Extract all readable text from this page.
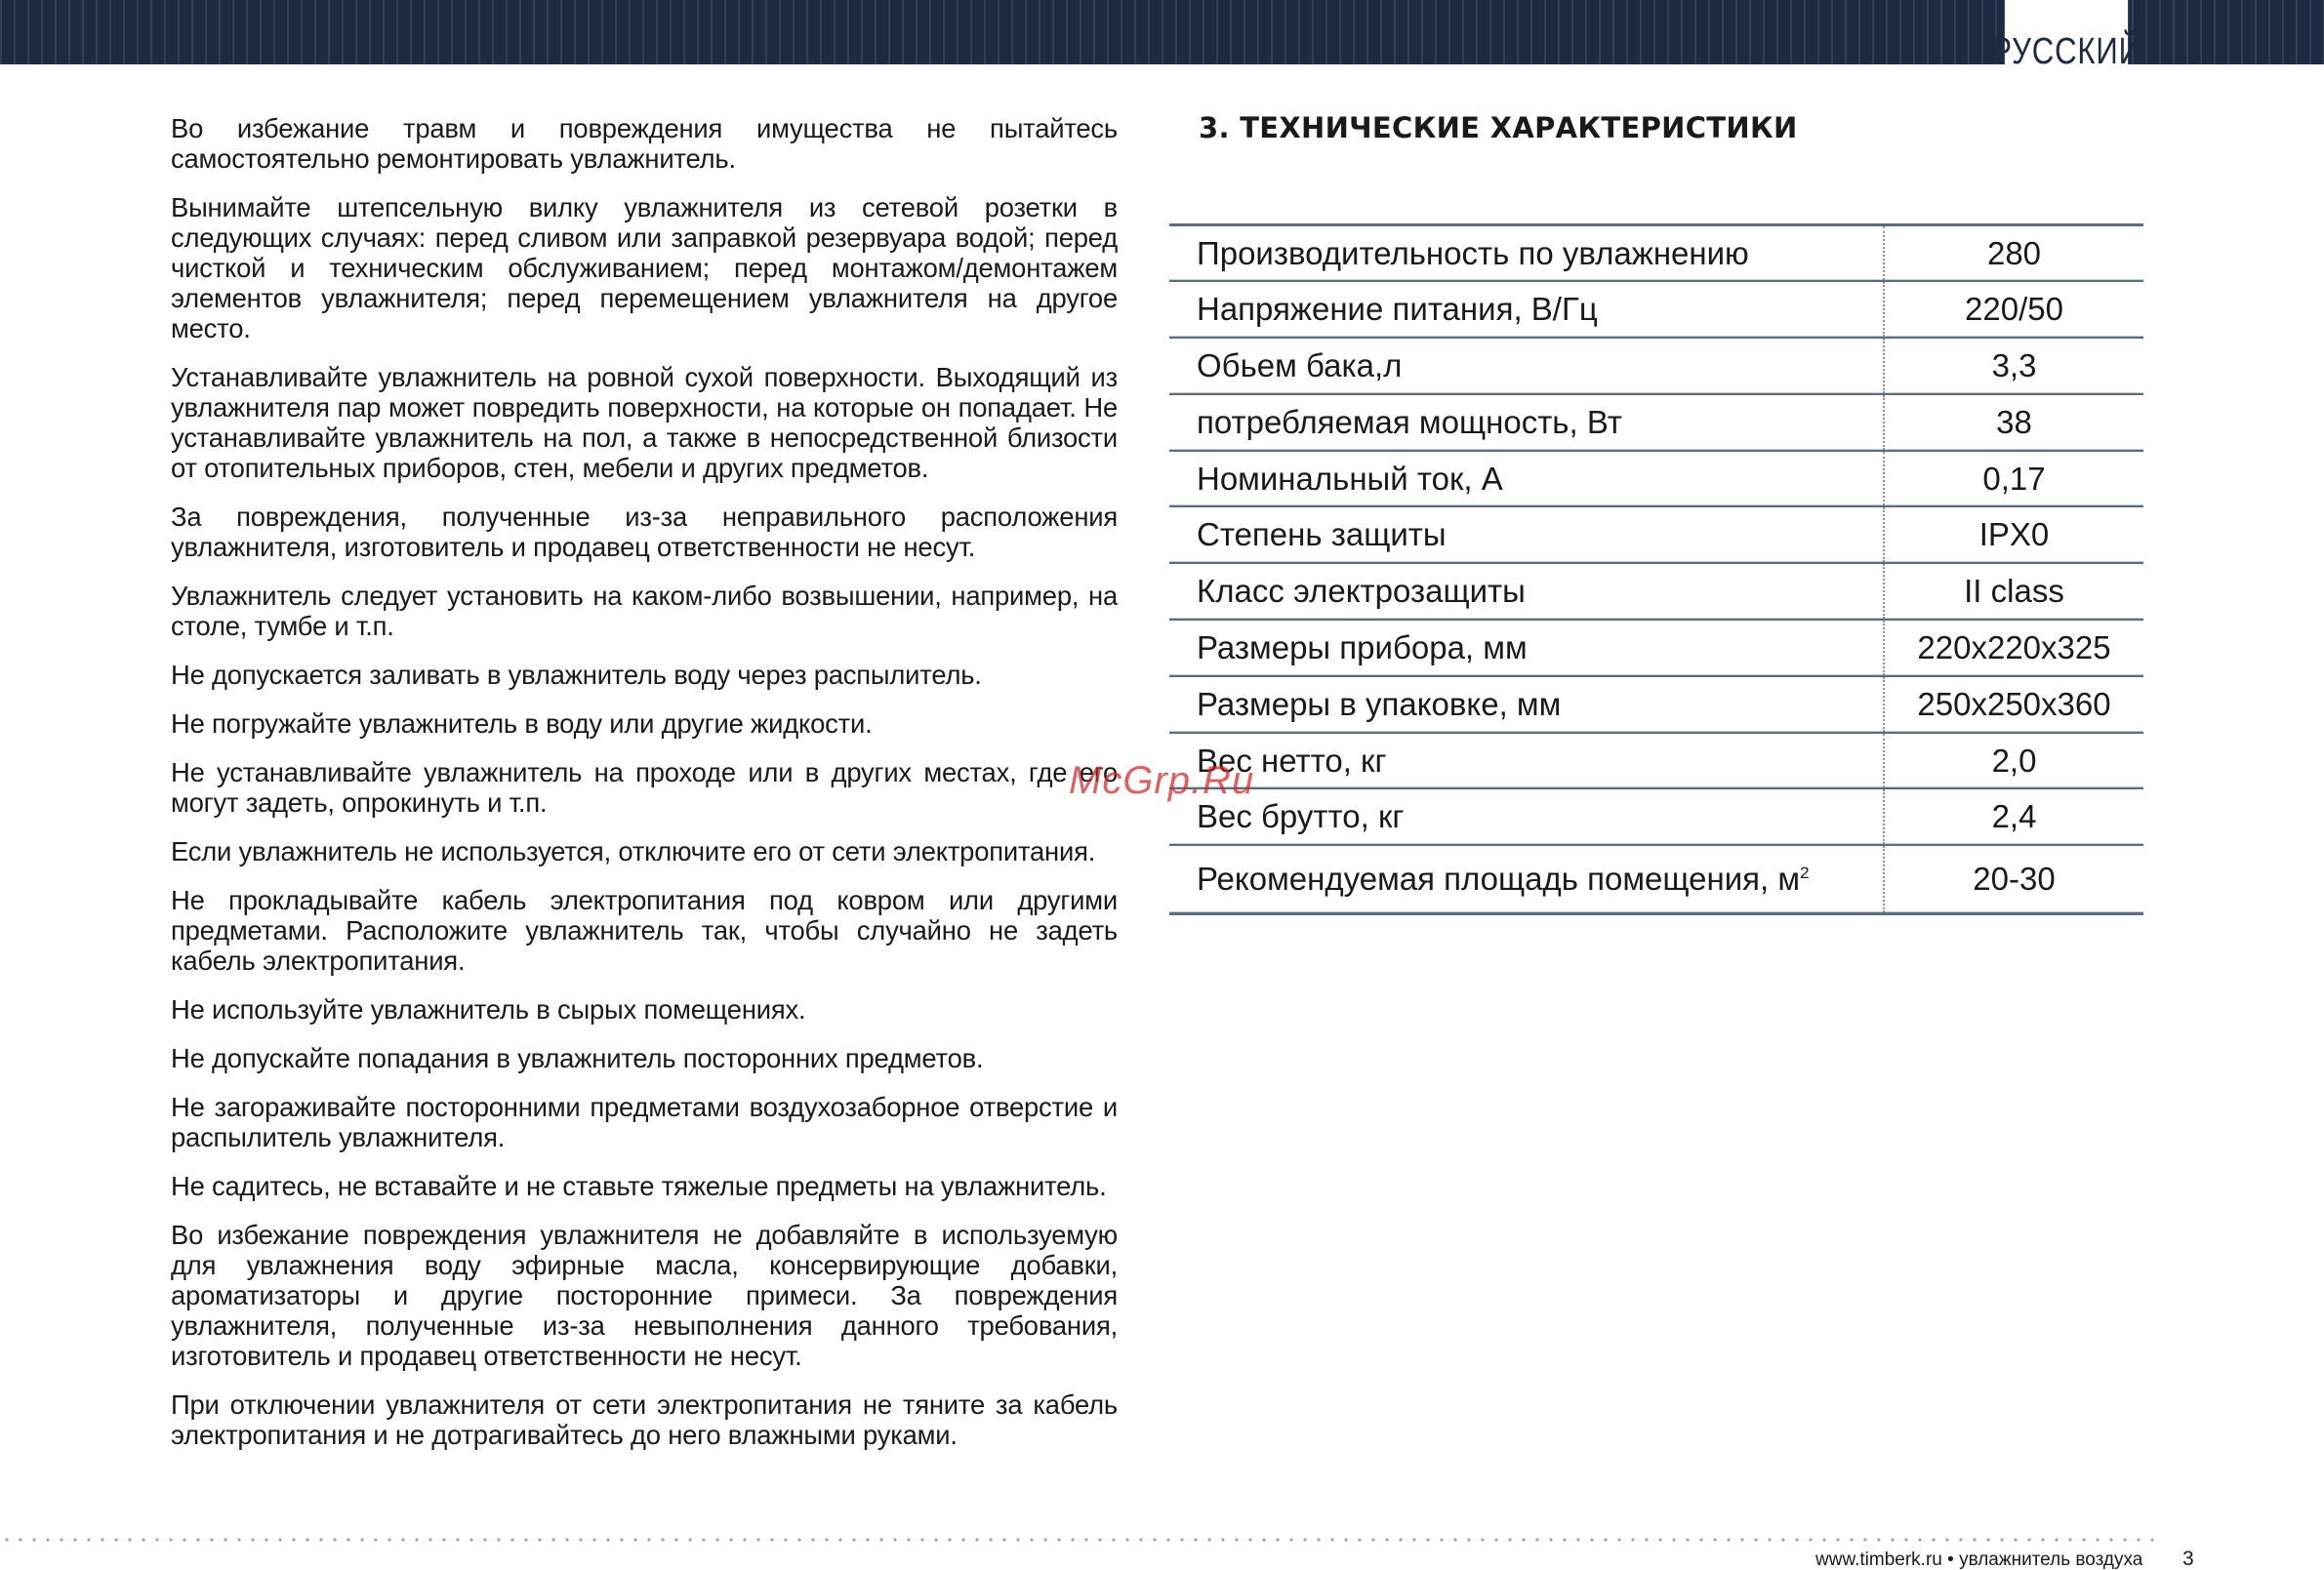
РУССКИЙ

Во избежание травм и повреждения имущества не пытайтесь самостоятельно ремонтировать увлажнитель.

Вынимайте штепсельную вилку увлажнителя из сетевой розетки в следующих случаях: перед сливом или заправкой резервуара водой; перед чисткой и техническим обслуживанием; перед монтажом/демонтажем элементов увлажнителя; перед перемещением увлажнителя на другое место.

Устанавливайте увлажнитель на ровной сухой поверхности. Выходящий из увлажнителя пар может повредить поверхности, на которые он попадает. Не устанавливайте увлажнитель на пол, а также в непосредственной близости от отопительных приборов, стен, мебели и других предметов.

За повреждения, полученные из-за неправильного расположения увлажнителя, изготовитель и продавец ответственности не несут.

Увлажнитель следует установить на каком-либо возвышении, например, на столе, тумбе и т.п.

Не допускается заливать в увлажнитель воду через распылитель.

Не погружайте увлажнитель в воду или другие жидкости.

Не устанавливайте увлажнитель на проходе или в других местах, где его могут задеть, опрокинуть и т.п.

Если увлажнитель не используется, отключите его от сети электропитания.

Не прокладывайте кабель электропитания под ковром или другими предметами. Расположите увлажнитель так, чтобы случайно не задеть кабель электропитания.

Не используйте увлажнитель в сырых помещениях.

Не допускайте попадания в увлажнитель посторонних предметов.

Не загораживайте посторонними предметами воздухозаборное отверстие и распылитель увлажнителя.

Не садитесь, не вставайте и не ставьте тяжелые предметы на увлажнитель.

Во избежание повреждения увлажнителя не добавляйте в используемую для увлажнения воду эфирные масла, консервирующие добавки, ароматизаторы и другие посторонние примеси. За повреждения увлажнителя, полученные из-за невыполнения данного требования, изготовитель и продавец ответственности не несут.

При отключении увлажнителя от сети электропитания не тяните за кабель электропитания и не дотрагивайтесь до него влажными руками.

3. ТЕХНИЧЕСКИЕ ХАРАКТЕРИСТИКИ
Производительность по увлажнению	280
Напряжение питания, В/Гц	220/50
Обьем бака,л	3,3
потребляемая мощность, Вт	38
Номинальный ток, А	0,17
Степень защиты	IPX0
Класс электрозащиты	II class
Размеры прибора, мм	220x220x325
Размеры в упаковке, мм	250x250x360
Вес нетто, кг	2,0
Вес брутто, кг	2,4
Рекомендуемая площадь помещения, $м^2$	20-30
McGrp.Ru
www.timberk.ru • увлажнитель воздуха 3
